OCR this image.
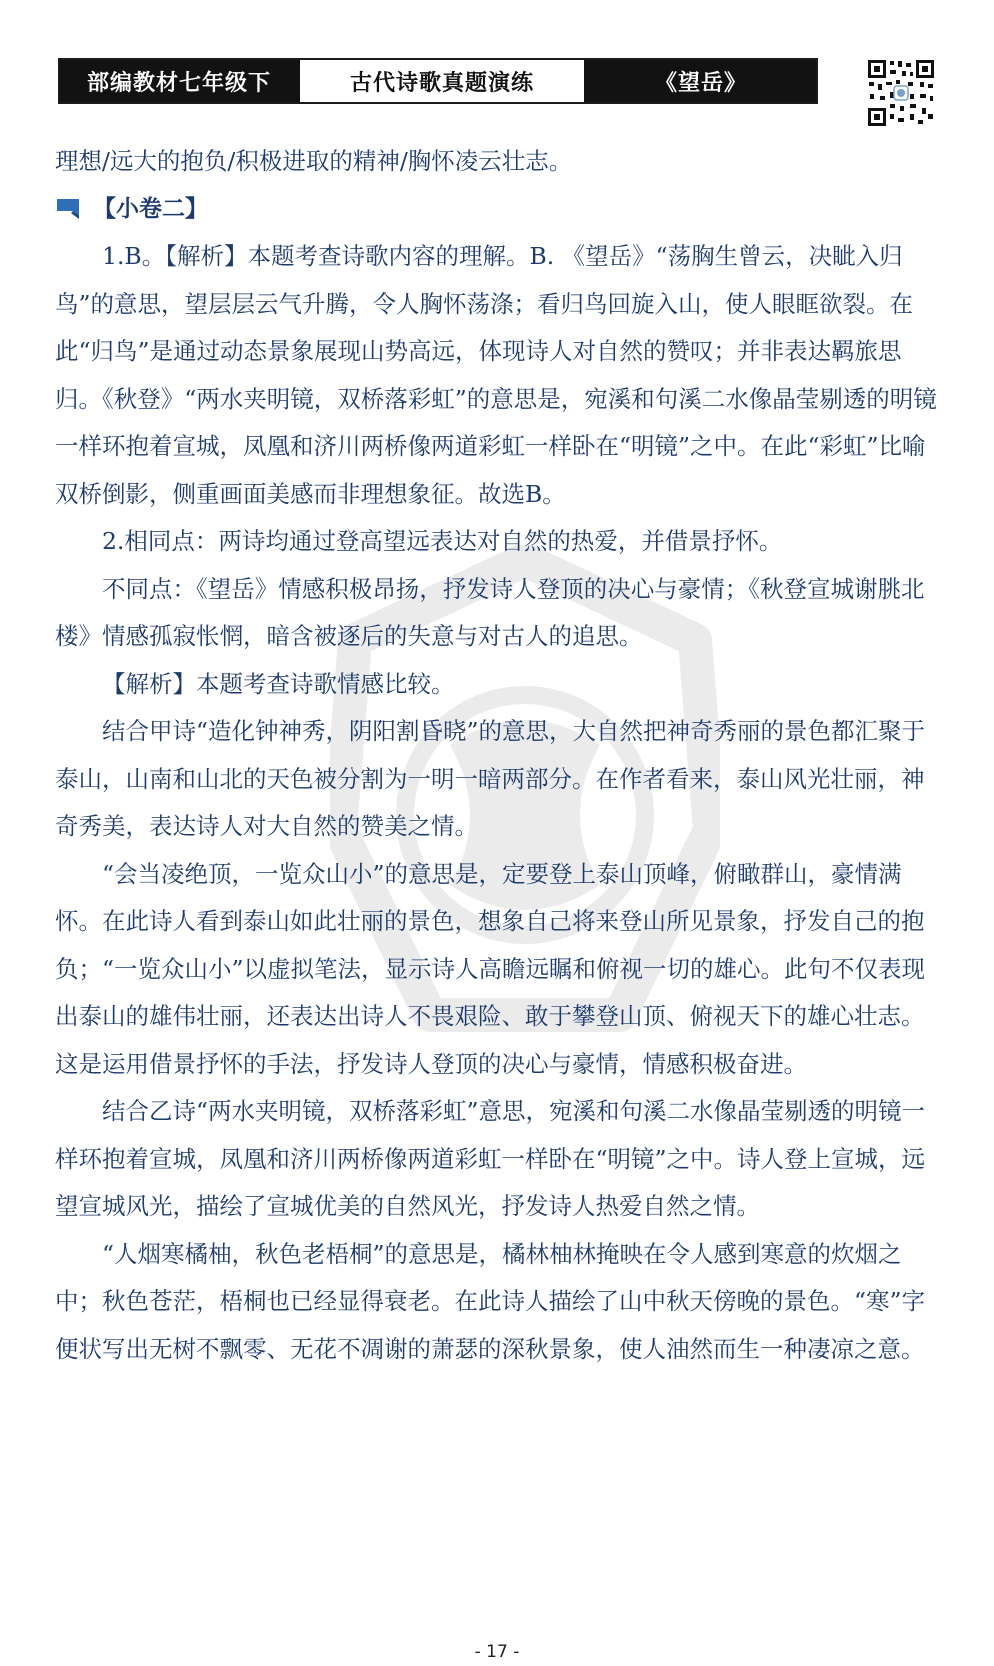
部编教材七年级下	古代诗歌真题演练	《望岳》

理想/远大的抱负/积极进取的精神/胸怀凌云壮志。

【小卷二】

1.B。【解析】本题考查诗歌内容的理解。B. 《望岳》“荡胸生曾云，决眦入归鸟”的意思，望层层云气升腾，令人胸怀荡涤；看归鸟回旋入山，使人眼眶欲裂。在此“归鸟”是通过动态景象展现山势高远，体现诗人对自然的赞叹；并非表达羁旅思归。《秋登》“两水夹明镜，双桥落彩虹”的意思是，宛溪和句溪二水像晶莹剔透的明镜一样环抱着宣城，凤凰和济川两桥像两道彩虹一样卧在“明镜”之中。在此“彩虹”比喻双桥倒影，侧重画面美感而非理想象征。故选B。

2.相同点：两诗均通过登高望远表达对自然的热爱，并借景抒怀。

不同点：《望岳》情感积极昂扬，抒发诗人登顶的决心与豪情；《秋登宣城谢朓北楼》情感孤寂怅惘，暗含被逐后的失意与对古人的追思。

【解析】本题考查诗歌情感比较。

结合甲诗“造化钟神秀，阴阳割昏晓”的意思，大自然把神奇秀丽的景色都汇聚于泰山，山南和山北的天色被分割为一明一暗两部分。在作者看来，泰山风光壮丽，神奇秀美，表达诗人对大自然的赞美之情。

“会当凌绝顶，一览众山小”的意思是，定要登上泰山顶峰，俯瞰群山，豪情满怀。在此诗人看到泰山如此壮丽的景色，想象自己将来登山所见景象，抒发自己的抱负；“一览众山小”以虚拟笔法，显示诗人高瞻远瞩和俯视一切的雄心。此句不仅表现出泰山的雄伟壮丽，还表达出诗人不畏艰险、敢于攀登山顶、俯视天下的雄心壮志。这是运用借景抒怀的手法，抒发诗人登顶的决心与豪情，情感积极奋进。

结合乙诗“两水夹明镜，双桥落彩虹”意思，宛溪和句溪二水像晶莹剔透的明镜一样环抱着宣城，凤凰和济川两桥像两道彩虹一样卧在“明镜”之中。诗人登上宣城，远望宣城风光，描绘了宣城优美的自然风光，抒发诗人热爱自然之情。

“人烟寒橘柚，秋色老梧桐”的意思是，橘林柚林掩映在令人感到寒意的炊烟之中；秋色苍茫，梧桐也已经显得衰老。在此诗人描绘了山中秋天傍晚的景色。“寒”字便状写出无树不飘零、无花不凋谢的萧瑟的深秋景象，使人油然而生一种凄凉之意。

- 17 -
